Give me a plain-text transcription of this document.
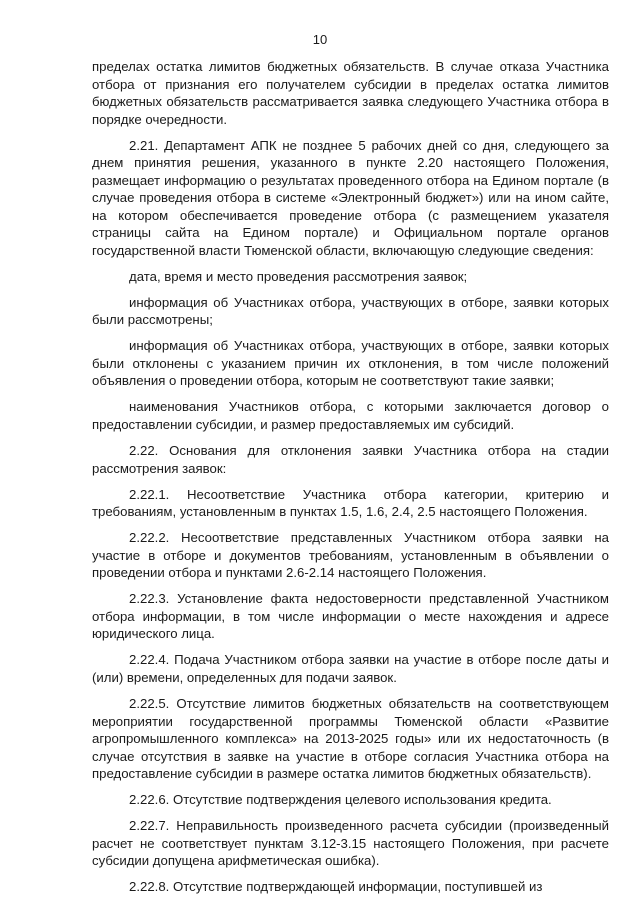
10

пределах остатка лимитов бюджетных обязательств. В случае отказа Участника отбора от признания его получателем субсидии в пределах остатка лимитов бюджетных обязательств рассматривается заявка следующего Участника отбора в порядке очередности.

2.21. Департамент АПК не позднее 5 рабочих дней со дня, следующего за днем принятия решения, указанного в пункте 2.20 настоящего Положения, размещает информацию о результатах проведенного отбора на Едином портале (в случае проведения отбора в системе «Электронный бюджет») или на ином сайте, на котором обеспечивается проведение отбора (с размещением указателя страницы сайта на Едином портале) и Официальном портале органов государственной власти Тюменской области, включающую следующие сведения:

дата, время и место проведения рассмотрения заявок;

информация об Участниках отбора, участвующих в отборе, заявки которых были рассмотрены;

информация об Участниках отбора, участвующих в отборе, заявки которых были отклонены с указанием причин их отклонения, в том числе положений объявления о проведении отбора, которым не соответствуют такие заявки;

наименования Участников отбора, с которыми заключается договор о предоставлении субсидии, и размер предоставляемых им субсидий.

2.22. Основания для отклонения заявки Участника отбора на стадии рассмотрения заявок:

2.22.1. Несоответствие Участника отбора категории, критерию и требованиям, установленным в пунктах 1.5, 1.6, 2.4, 2.5 настоящего Положения.

2.22.2. Несоответствие представленных Участником отбора заявки на участие в отборе и документов требованиям, установленным в объявлении о проведении отбора и пунктами 2.6-2.14 настоящего Положения.

2.22.3. Установление факта недостоверности представленной Участником отбора информации, в том числе информации о месте нахождения и адресе юридического лица.

2.22.4. Подача Участником отбора заявки на участие в отборе после даты и (или) времени, определенных для подачи заявок.

2.22.5. Отсутствие лимитов бюджетных обязательств на соответствующем мероприятии государственной программы Тюменской области «Развитие агропромышленного комплекса» на 2013-2025 годы» или их недостаточность (в случае отсутствия в заявке на участие в отборе согласия Участника отбора на предоставление субсидии в размере остатка лимитов бюджетных обязательств).

2.22.6. Отсутствие подтверждения целевого использования кредита.

2.22.7. Неправильность произведенного расчета субсидии (произведенный расчет не соответствует пунктам 3.12-3.15 настоящего Положения, при расчете субсидии допущена арифметическая ошибка).

2.22.8. Отсутствие подтверждающей информации, поступившей из
